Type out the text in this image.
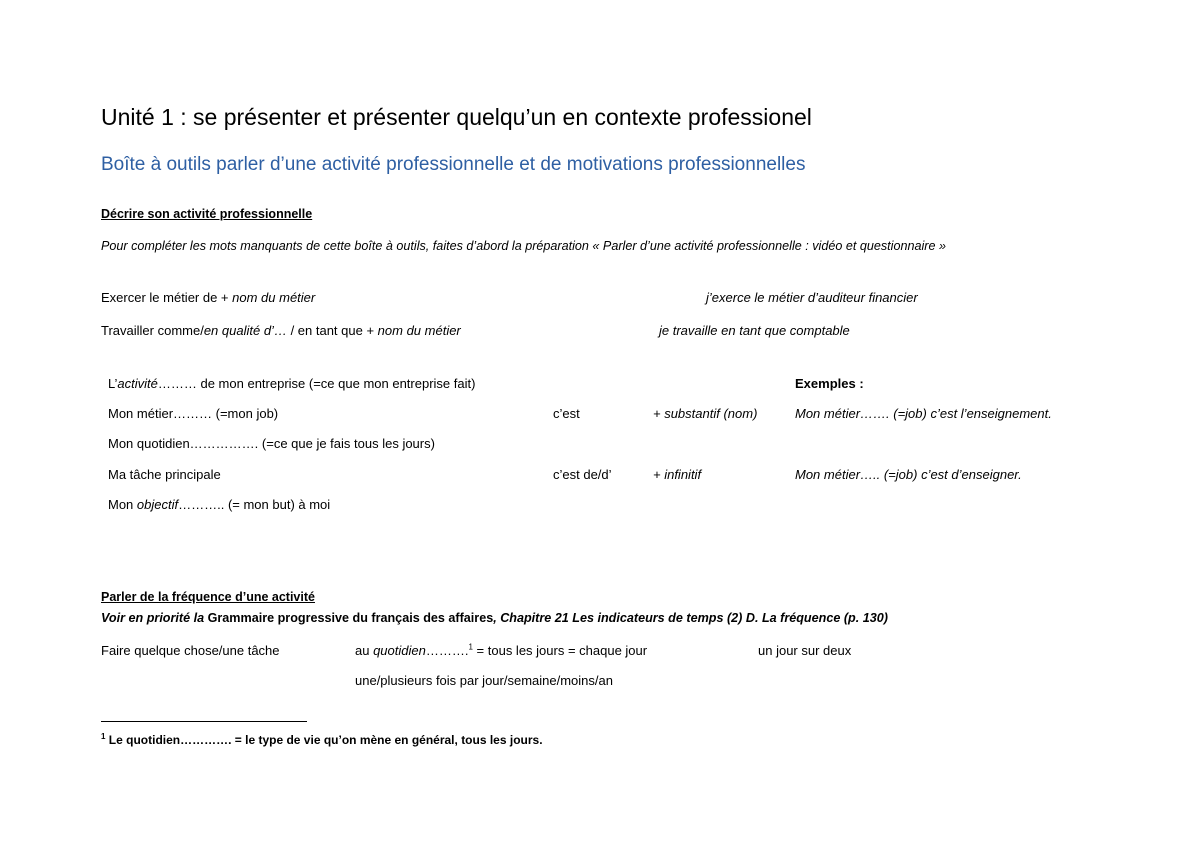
Unité 1 : se présenter et présenter quelqu’un en contexte professionel
Boîte à outils parler d’une activité professionnelle et de motivations professionnelles
Décrire son activité professionnelle
Pour compléter les mots manquants de cette boîte à outils, faites d’abord la préparation « Parler d’une activité professionnelle : vidéo et questionnaire »
Exercer le métier de + nom du métier	j’exerce le métier d’auditeur financier
Travailler comme/en qualité d’… / en tant que + nom du métier	je travaille en tant que comptable
L’activité……… de mon entreprise (=ce que mon entreprise fait)	Exemples :
Mon métier……… (=mon job)	c’est	+ substantif (nom)	Mon métier……. (=job) c’est l’enseignement.
Mon quotidien……………. (=ce que je fais tous les jours)
Ma tâche principale	c’est de/d’	+ infinitif	Mon métier….. (=job) c’est d’enseigner.
Mon objectif……….. (= mon but) à moi
Parler de la fréquence d’une activité
Voir en priorité la Grammaire progressive du français des affaires, Chapitre 21 Les indicateurs de temps (2) D. La fréquence (p. 130)
Faire quelque chose/une tâche	au quotidien……….$^1$ = tous les jours = chaque jour	un jour sur deux
une/plusieurs fois par jour/semaine/moins/an
$^1$ Le quotidien…………. = le type de vie qu’on mène en général, tous les jours.
